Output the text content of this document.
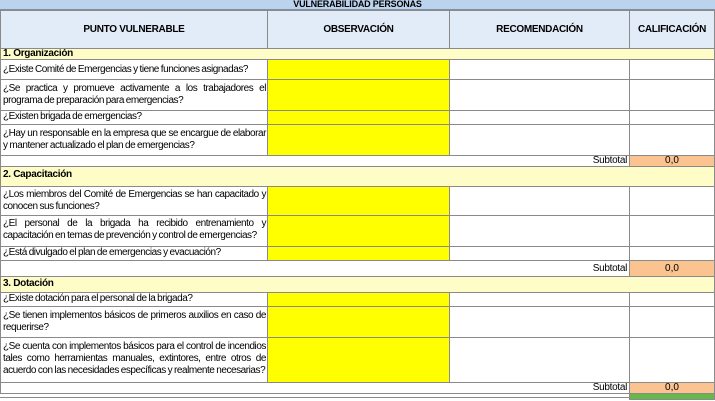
VULNERABILIDAD PERSONAS
PUNTO VULNERABLE	OBSERVACIÓN	RECOMENDACIÓN	CALIFICACIÓN
1. Organización
¿Existe Comité de Emergencias y tiene funciones asignadas?
¿Se practica y promueve activamente a los trabajadores el programa de preparación para emergencias?
¿Existen brigada de emergencias?
¿Hay un responsable en la empresa que se encargue de elaborar y mantener actualizado el plan de emergencias?
Subtotal	0,0
2. Capacitación
¿Los miembros del Comité de Emergencias se han capacitado y conocen sus funciones?
¿El personal de la brigada ha recibido entrenamiento y capacitación en temas de prevención y control de emergencias?
¿Está divulgado el plan de emergencias y evacuación?
Subtotal	0,0
3. Dotación
¿Existe dotación para el personal de la brigada?
¿Se tienen implementos básicos de primeros auxilios en caso de requerirse?
¿Se cuenta con implementos básicos para el control de incendios tales como herramientas manuales, extintores, entre otros de acuerdo con las necesidades específicas y realmente necesarias?
Subtotal	0,0
